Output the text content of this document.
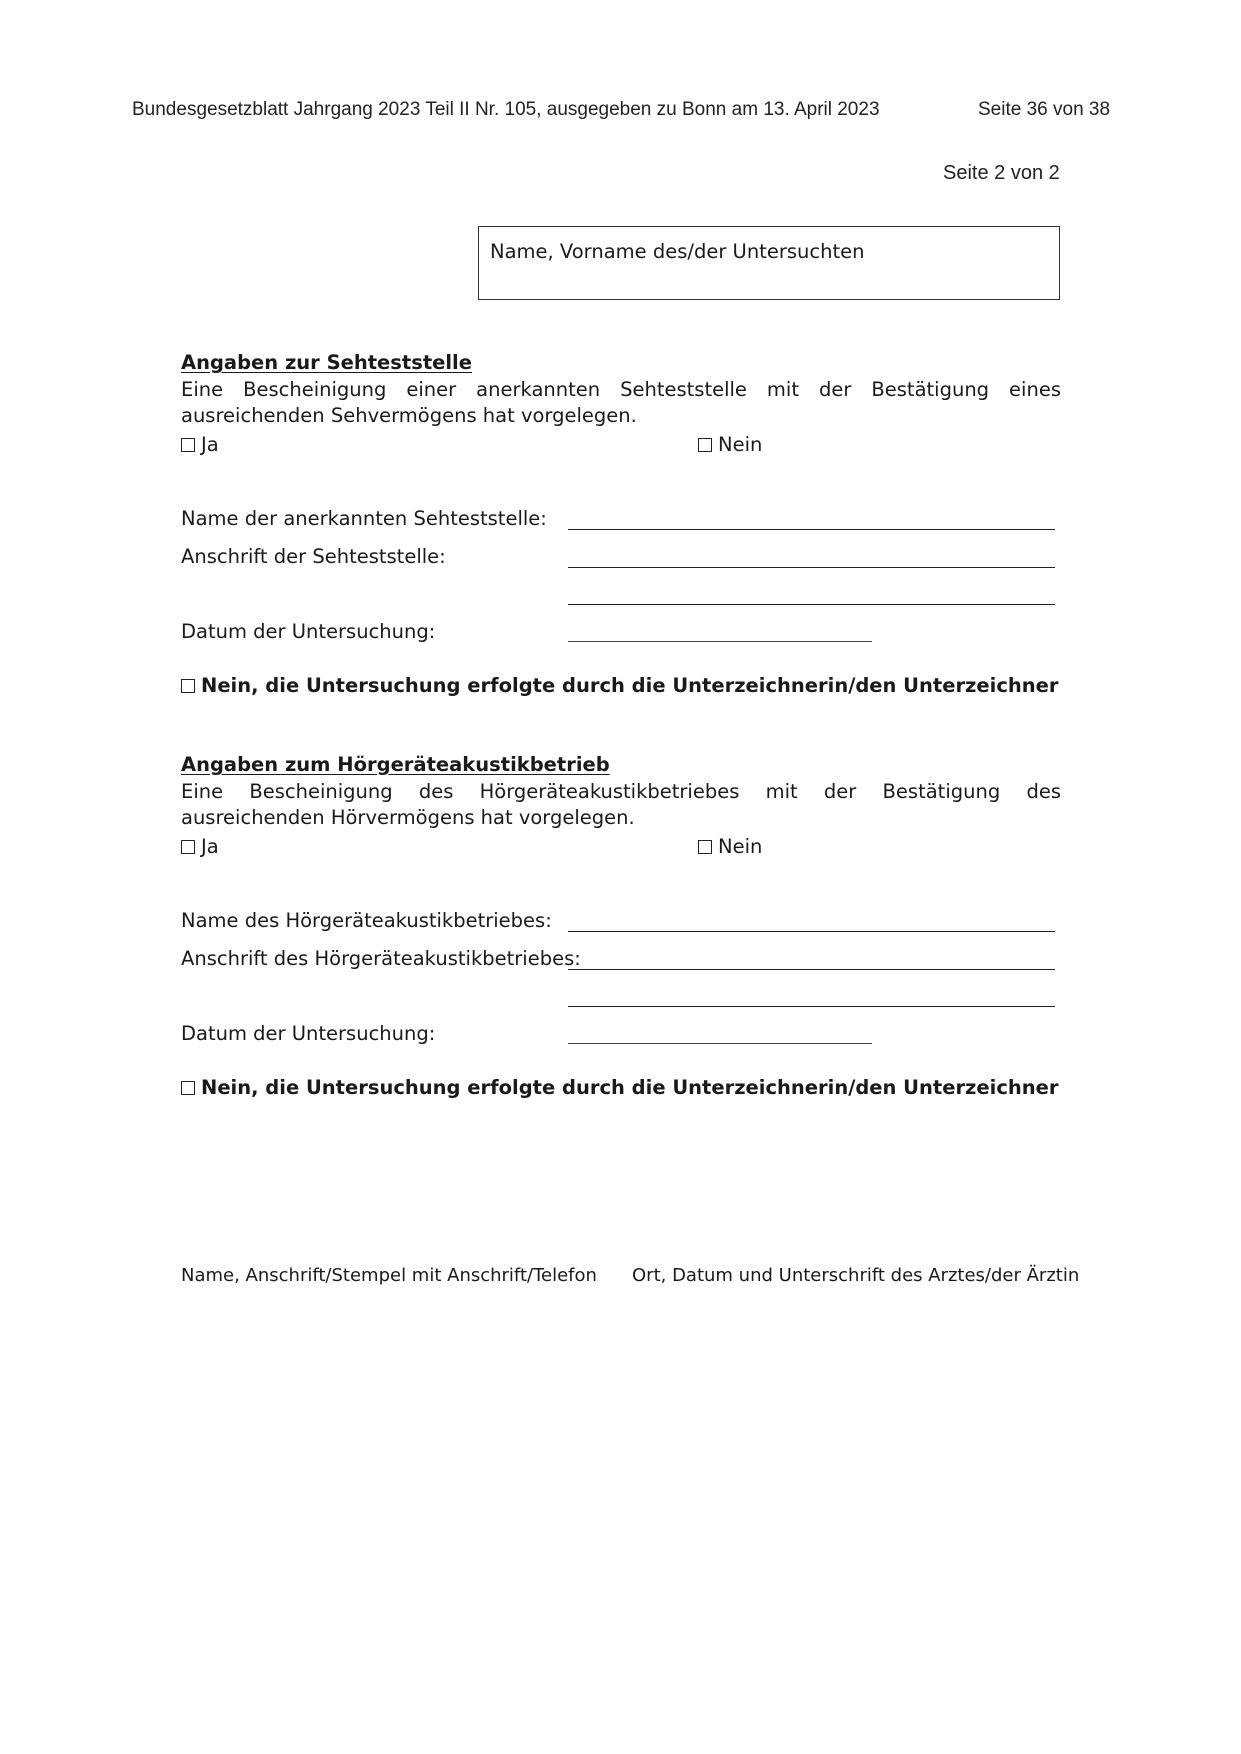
Bundesgesetzblatt Jahrgang 2023 Teil II Nr. 105, ausgegeben zu Bonn am 13. April 2023	Seite 36 von 38
Seite 2 von 2
Name, Vorname des/der Untersuchten
Angaben zur Sehteststelle
Eine Bescheinigung einer anerkannten Sehteststelle mit der Bestätigung eines ausreichenden Sehvermögens hat vorgelegen.
Ja	Nein
Name der anerkannten Sehteststelle:
Anschrift der Sehteststelle:
Datum der Untersuchung:
Nein, die Untersuchung erfolgte durch die Unterzeichnerin/den Unterzeichner
Angaben zum Hörgeräteakustikbetrieb
Eine Bescheinigung des Hörgeräteakustikbetriebes mit der Bestätigung des ausreichenden Hörvermögens hat vorgelegen.
Ja	Nein
Name des Hörgeräteakustikbetriebes:
Anschrift des Hörgeräteakustikbetriebes:
Datum der Untersuchung:
Nein, die Untersuchung erfolgte durch die Unterzeichnerin/den Unterzeichner
Name, Anschrift/Stempel mit Anschrift/Telefon Ort, Datum und Unterschrift des Arztes/der Ärztin
